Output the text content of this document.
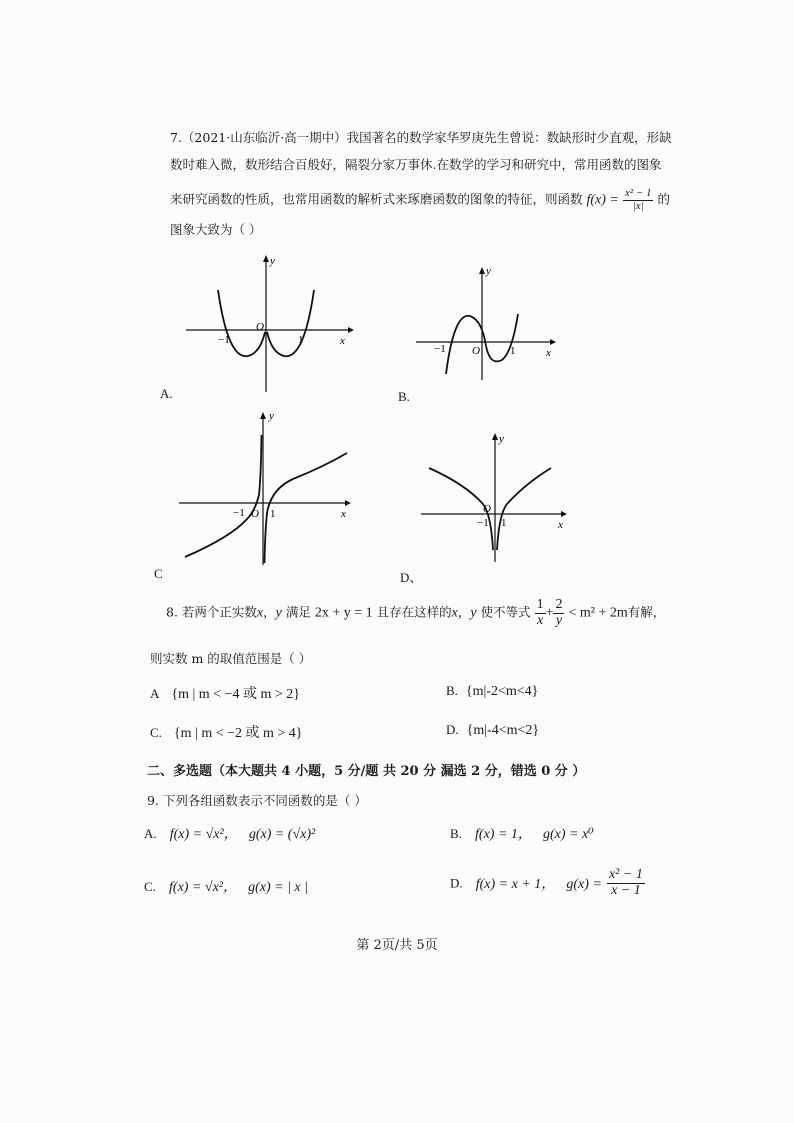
7.（2021·山东临沂·高一期中）我国著名的数学家华罗庚先生曾说：数缺形时少直观，形缺
数时难入微，数形结合百般好，隔裂分家万事休.在数学的学习和研究中，常用函数的图象
来研究函数的性质，也常用函数的解析式来琢磨函数的图象的特征，则函数 $f(x) = \frac{\text{x² − 1}}{|x|}$ 的
图象大致为（ ）
y
x
O
−1	1
A.
y
x
O
−1	1
B.
y
x
O
−1 1
C
y
x
O
−1 1
D、
8. 若两个正实数x，y 满足 2x + y = 1 且存在这样的x，y 使不等式 $\frac{1}{x} + \frac{2}{y} < m^2 + 2m$有解，
则实数 m 的取值范围是（ ）
A {m | m < −4 或 m > 2}	B. {m|-2<m<4}
C. {m | m < −2 或 m > 4}	D. {m|-4<m<2}
二、多选题（本大题共 4 小题，5 分/题 共 20 分 漏选 2 分，错选 0 分 ）
9. 下列各组函数表示不同函数的是（ ）
A. f(x) = √x²， g(x) = (√x)²	B. f(x) = 1， g(x) = x⁰
C. f(x) = √x²， g(x) = | x |	D. f(x) = x + 1， $g(x) = \frac{\text{x² − 1}}{x - 1}$
第 2页/共 5页
